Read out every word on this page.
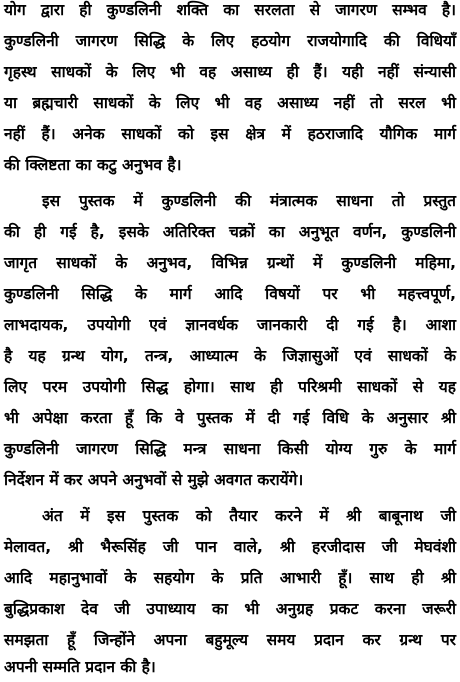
योग द्वारा ही कुण्डलिनी शक्ति का सरलता से जागरण सम्भव है।
कुण्डलिनी जागरण सिद्धि के लिए हठयोग राजयोगादि की विधियाँ
गृहस्थ साधकों के लिए भी वह असाध्य ही हैं। यही नहीं संन्यासी
या ब्रह्मचारी साधकों के लिए भी वह असाध्य नहीं तो सरल भी
नहीं हैं। अनेक साधकों को इस क्षेत्र में हठराजादि यौगिक मार्ग
की क्लिष्टता का कटु अनुभव है।
इस पुस्तक में कुण्डलिनी की मंत्रात्मक साधना तो प्रस्तुत
की ही गई है, इसके अतिरिक्त चक्रों का अनुभूत वर्णन, कुण्डलिनी
जागृत साधकों के अनुभव, विभिन्न ग्रन्थों में कुण्डलिनी महिमा,
कुण्डलिनी सिद्धि के मार्ग आदि विषयों पर भी महत्त्वपूर्ण,
लाभदायक, उपयोगी एवं ज्ञानवर्धक जानकारी दी गई है। आशा
है यह ग्रन्थ योग, तन्त्र, आध्यात्म के जिज्ञासुओं एवं साधकों के
लिए परम उपयोगी सिद्ध होगा। साथ ही परिश्रमी साधकों से यह
भी अपेक्षा करता हूँ कि वे पुस्तक में दी गई विधि के अनुसार श्री
कुण्डलिनी जागरण सिद्धि मन्त्र साधना किसी योग्य गुरु के मार्ग
निर्देशन में कर अपने अनुभवों से मुझे अवगत करायेंगे।
अंत में इस पुस्तक को तैयार करने में श्री बाबूनाथ जी
मेलावत, श्री भैरूसिंह जी पान वाले, श्री हरजीदास जी मेघवंशी
आदि महानुभावों के सहयोग के प्रति आभारी हूँ। साथ ही श्री
बुद्धिप्रकाश देव जी उपाध्याय का भी अनुग्रह प्रकट करना जरूरी
समझता हूँ जिन्होंने अपना बहुमूल्य समय प्रदान कर ग्रन्थ पर
अपनी सम्मति प्रदान की है।
